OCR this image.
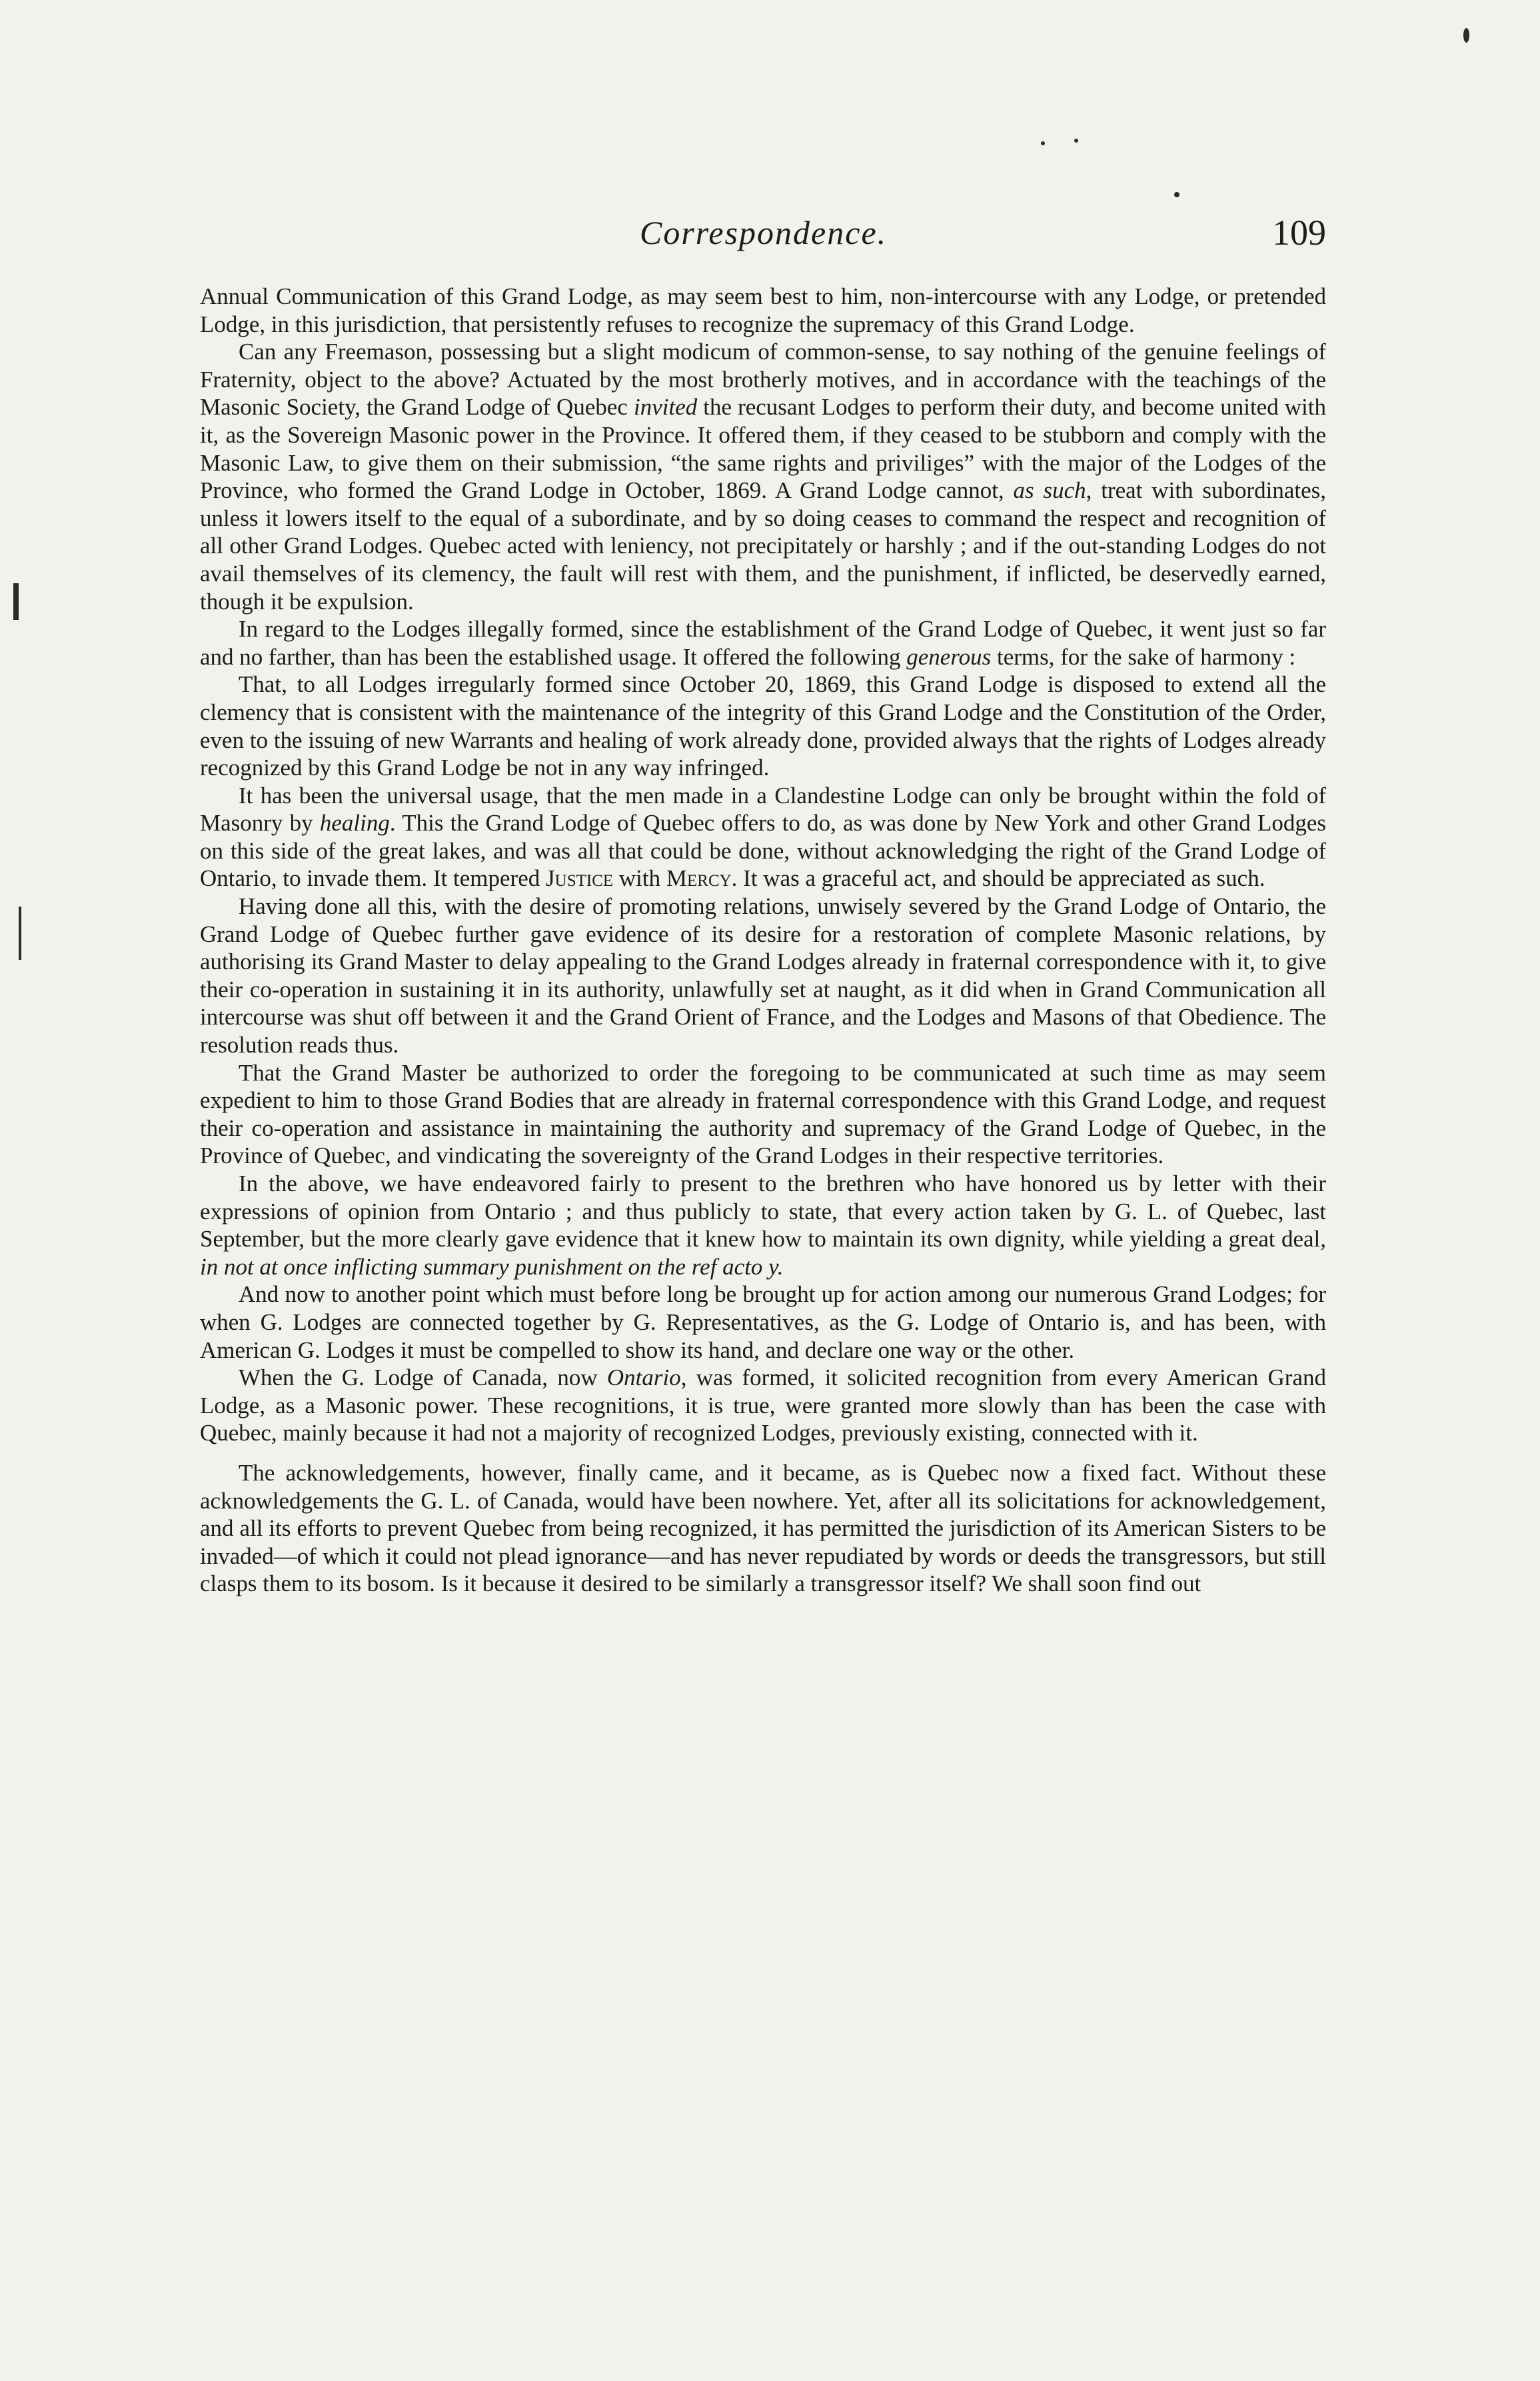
Correspondence.	109

Annual Communication of this Grand Lodge, as may seem best to him, non-intercourse with any Lodge, or pretended Lodge, in this jurisdiction, that persistently refuses to recognize the supremacy of this Grand Lodge.

Can any Freemason, possessing but a slight modicum of common-sense, to say nothing of the genuine feelings of Fraternity, object to the above? Actuated by the most brotherly motives, and in accordance with the teachings of the Masonic Society, the Grand Lodge of Quebec invited the recusant Lodges to perform their duty, and become united with it, as the Sovereign Masonic power in the Province. It offered them, if they ceased to be stubborn and comply with the Masonic Law, to give them on their submission, “the same rights and priviliges” with the major of the Lodges of the Province, who formed the Grand Lodge in October, 1869. A Grand Lodge cannot, as such, treat with subordinates, unless it lowers itself to the equal of a subordinate, and by so doing ceases to command the respect and recognition of all other Grand Lodges. Quebec acted with leniency, not precipitately or harshly ; and if the out-standing Lodges do not avail themselves of its clemency, the fault will rest with them, and the punishment, if inflicted, be deservedly earned, though it be expulsion.

In regard to the Lodges illegally formed, since the establishment of the Grand Lodge of Quebec, it went just so far and no farther, than has been the established usage. It offered the following generous terms, for the sake of harmony :

That, to all Lodges irregularly formed since October 20, 1869, this Grand Lodge is disposed to extend all the clemency that is consistent with the maintenance of the integrity of this Grand Lodge and the Constitution of the Order, even to the issuing of new Warrants and healing of work already done, provided always that the rights of Lodges already recognized by this Grand Lodge be not in any way infringed.

It has been the universal usage, that the men made in a Clandestine Lodge can only be brought within the fold of Masonry by healing. This the Grand Lodge of Quebec offers to do, as was done by New York and other Grand Lodges on this side of the great lakes, and was all that could be done, without acknowledging the right of the Grand Lodge of Ontario, to invade them. It tempered Justice with Mercy. It was a graceful act, and should be appreciated as such.

Having done all this, with the desire of promoting relations, unwisely severed by the Grand Lodge of Ontario, the Grand Lodge of Quebec further gave evidence of its desire for a restoration of complete Masonic relations, by authorising its Grand Master to delay appealing to the Grand Lodges already in fraternal correspondence with it, to give their co-operation in sustaining it in its authority, unlawfully set at naught, as it did when in Grand Communication all intercourse was shut off between it and the Grand Orient of France, and the Lodges and Masons of that Obedience. The resolution reads thus.

That the Grand Master be authorized to order the foregoing to be communicated at such time as may seem expedient to him to those Grand Bodies that are already in fraternal correspondence with this Grand Lodge, and request their co-operation and assistance in maintaining the authority and supremacy of the Grand Lodge of Quebec, in the Province of Quebec, and vindicating the sovereignty of the Grand Lodges in their respective territories.

In the above, we have endeavored fairly to present to the brethren who have honored us by letter with their expressions of opinion from Ontario ; and thus publicly to state, that every action taken by G. L. of Quebec, last September, but the more clearly gave evidence that it knew how to maintain its own dignity, while yielding a great deal, in not at once inflicting summary punishment on the ref acto y.

And now to another point which must before long be brought up for action among our numerous Grand Lodges; for when G. Lodges are connected together by G. Representatives, as the G. Lodge of Ontario is, and has been, with American G. Lodges it must be compelled to show its hand, and declare one way or the other.

When the G. Lodge of Canada, now Ontario, was formed, it solicited recognition from every American Grand Lodge, as a Masonic power. These recognitions, it is true, were granted more slowly than has been the case with Quebec, mainly because it had not a majority of recognized Lodges, previously existing, connected with it.

The acknowledgements, however, finally came, and it became, as is Quebec now a fixed fact. Without these acknowledgements the G. L. of Canada, would have been nowhere. Yet, after all its solicitations for acknowledgement, and all its efforts to prevent Quebec from being recognized, it has permitted the jurisdiction of its American Sisters to be invaded—of which it could not plead ignorance—and has never repudiated by words or deeds the transgressors, but still clasps them to its bosom. Is it because it desired to be similarly a transgressor itself? We shall soon find out
